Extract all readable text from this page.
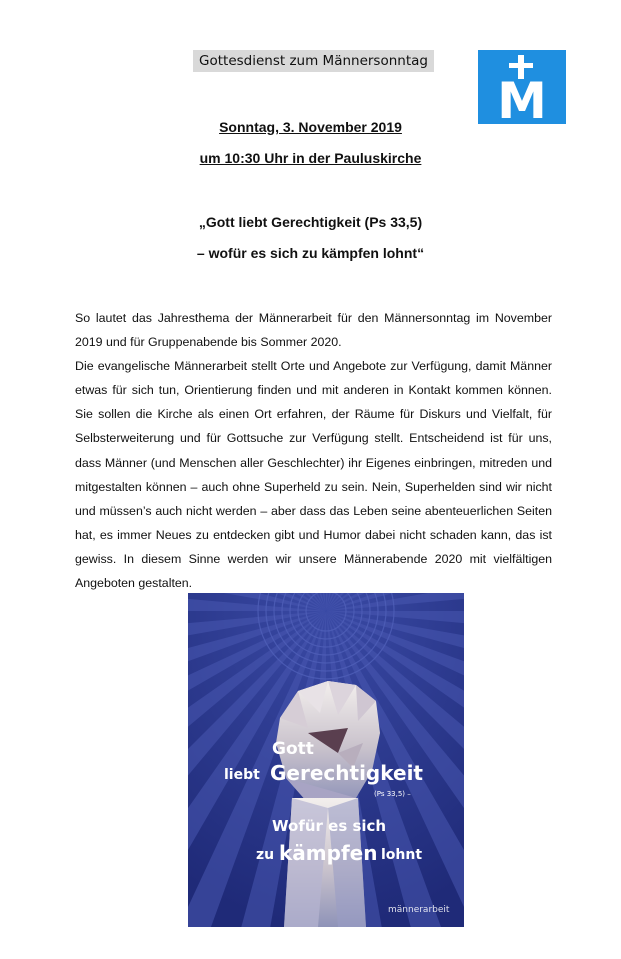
Gottesdienst zum Männersonntag
M
Sonntag, 3. November 2019
um 10:30 Uhr in der Pauluskirche
„Gott liebt Gerechtigkeit (Ps 33,5)
– wofür es sich zu kämpfen lohnt“

So lautet das Jahresthema der Männerarbeit für den Männersonntag im November 2019 und für Gruppenabende bis Sommer 2020.

Die evangelische Männerarbeit stellt Orte und Angebote zur Verfügung, damit Männer etwas für sich tun, Orientierung finden und mit anderen in Kontakt kommen können. Sie sollen die Kirche als einen Ort erfahren, der Räume für Diskurs und Vielfalt, für Selbsterweiterung und für Gottsuche zur Verfügung stellt. Entscheidend ist für uns, dass Männer (und Menschen aller Geschlechter) ihr Eigenes einbringen, mitreden und mitgestalten können – auch ohne Superheld zu sein. Nein, Superhelden sind wir nicht und müssen’s auch nicht werden – aber dass das Leben seine abenteuerlichen Seiten hat, es immer Neues zu entdecken gibt und Humor dabei nicht schaden kann, das ist gewiss. In diesem Sinne werden wir unsere Männerabende 2020 mit vielfältigen Angeboten gestalten.

Gott
liebt Gerechtigkeit
(Ps 33,5) –
Wofür es sich
zu kämpfen lohnt
männerarbeit
